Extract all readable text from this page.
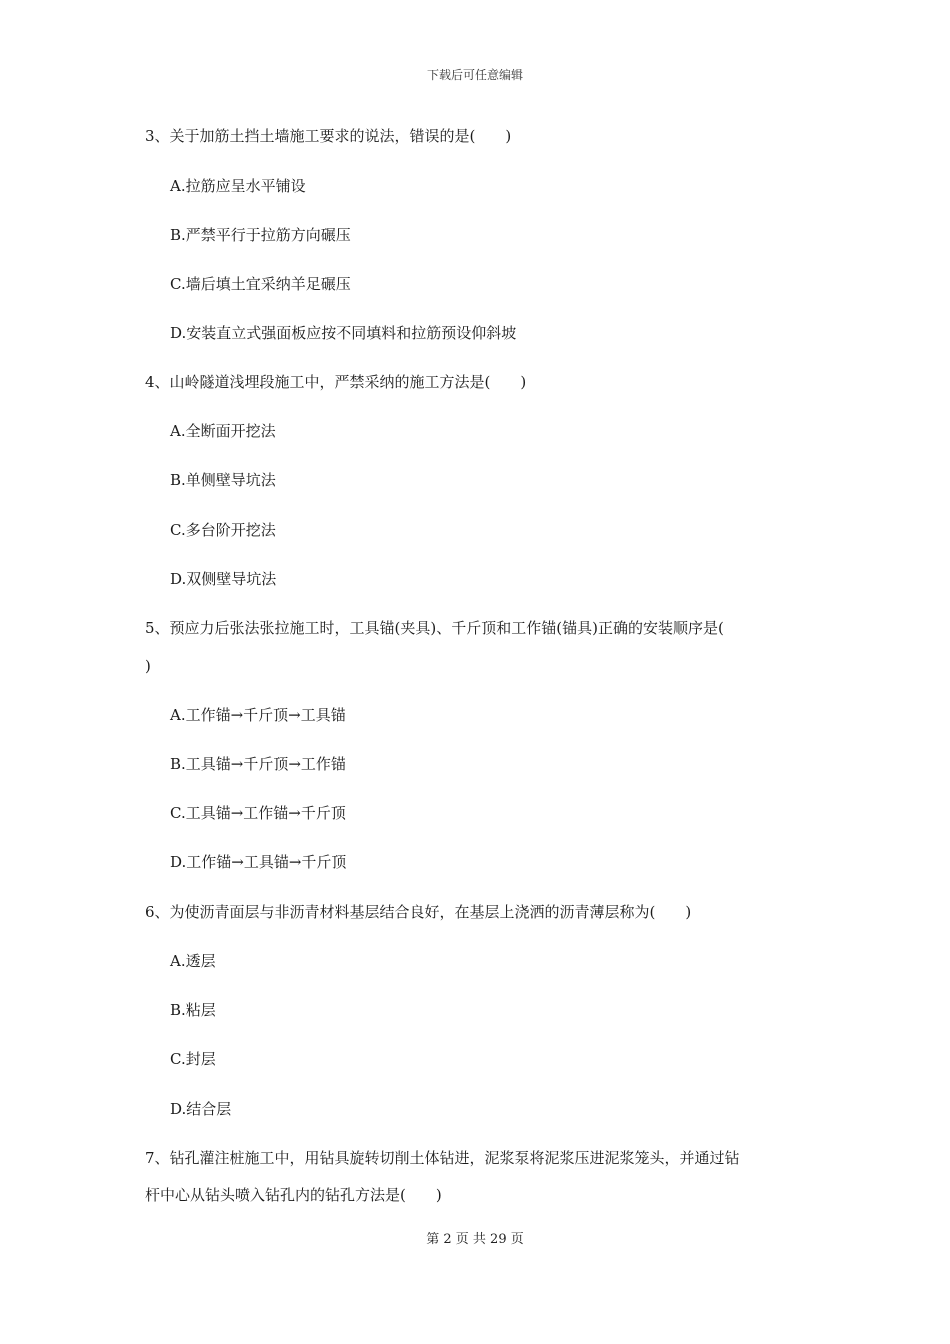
下载后可任意编辑
3、关于加筋土挡土墙施工要求的说法，错误的是(　　)
A.拉筋应呈水平铺设
B.严禁平行于拉筋方向碾压
C.墙后填土宜采纳羊足碾压
D.安装直立式强面板应按不同填料和拉筋预设仰斜坡
4、山岭隧道浅埋段施工中，严禁采纳的施工方法是(　　)
A.全断面开挖法
B.单侧壁导坑法
C.多台阶开挖法
D.双侧壁导坑法
5、预应力后张法张拉施工时，工具锚(夹具)、千斤顶和工作锚(锚具)正确的安装顺序是(
)
A.工作锚→千斤顶→工具锚
B.工具锚→千斤顶→工作锚
C.工具锚→工作锚→千斤顶
D.工作锚→工具锚→千斤顶
6、为使沥青面层与非沥青材料基层结合良好，在基层上浇洒的沥青薄层称为(　　)
A.透层
B.粘层
C.封层
D.结合层
7、钻孔灌注桩施工中，用钻具旋转切削土体钻进，泥浆泵将泥浆压进泥浆笼头，并通过钻
杆中心从钻头喷入钻孔内的钻孔方法是(　　)
第 2 页 共 29 页
